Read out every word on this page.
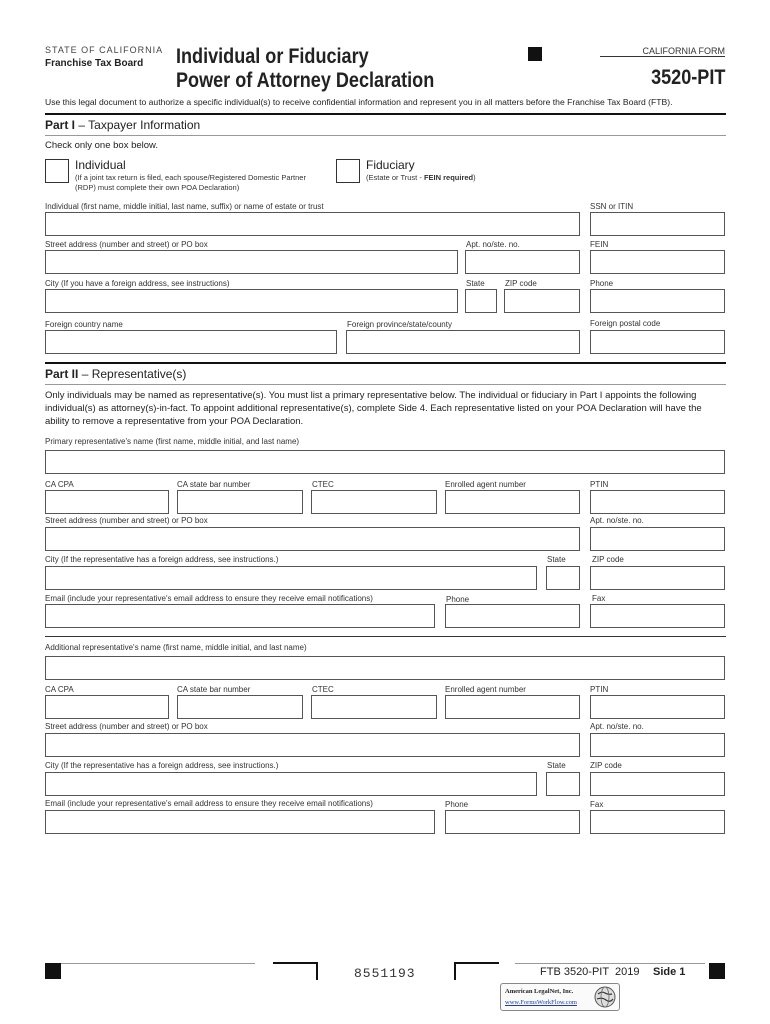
STATE OF CALIFORNIA
Franchise Tax Board Individual or Fiduciary
Power of Attorney Declaration
CALIFORNIA FORM
3520-PIT
Use this legal document to authorize a specific individual(s) to receive confidential information and represent you in all matters before the Franchise Tax Board (FTB).
Part I – Taxpayer Information
Check only one box below.
Individual
(If a joint tax return is filed, each spouse/Registered Domestic Partner (RDP) must complete their own POA Declaration)
Fiduciary
(Estate or Trust - FEIN required)
Individual (first name, middle initial, last name, suffix) or name of estate or trust	SSN or ITIN
Street address (number and street) or PO box	Apt. no/ste. no.	FEIN
City (If you have a foreign address, see instructions)	State	ZIP code	Phone
Foreign country name	Foreign province/state/county	Foreign postal code
Part II – Representative(s)
Only individuals may be named as representative(s). You must list a primary representative below. The individual or fiduciary in Part I appoints the following individual(s) as attorney(s)-in-fact. To appoint additional representative(s), complete Side 4. Each representative listed on your POA Declaration will have the ability to remove a representative from your POA Declaration.
Primary representative's name (first name, middle initial, and last name)
CA CPA	CA state bar number	CTEC	Enrolled agent number	PTIN
Street address (number and street) or PO box	Apt. no/ste. no.
City (If the representative has a foreign address, see instructions.)	State	ZIP code
Email (include your representative's email address to ensure they receive email notifications)	Phone	Fax
Additional representative's name (first name, middle initial, and last name)
CA CPA	CA state bar number	CTEC	Enrolled agent number	PTIN
Street address (number and street) or PO box	Apt. no/ste. no.
City (If the representative has a foreign address, see instructions.)	State	ZIP code
Email (include your representative's email address to ensure they receive email notifications)	Phone	Fax
8551193	FTB 3520-PIT  2019 Side 1
American LegalNet, Inc.
www.FormsWorkFlow.com
